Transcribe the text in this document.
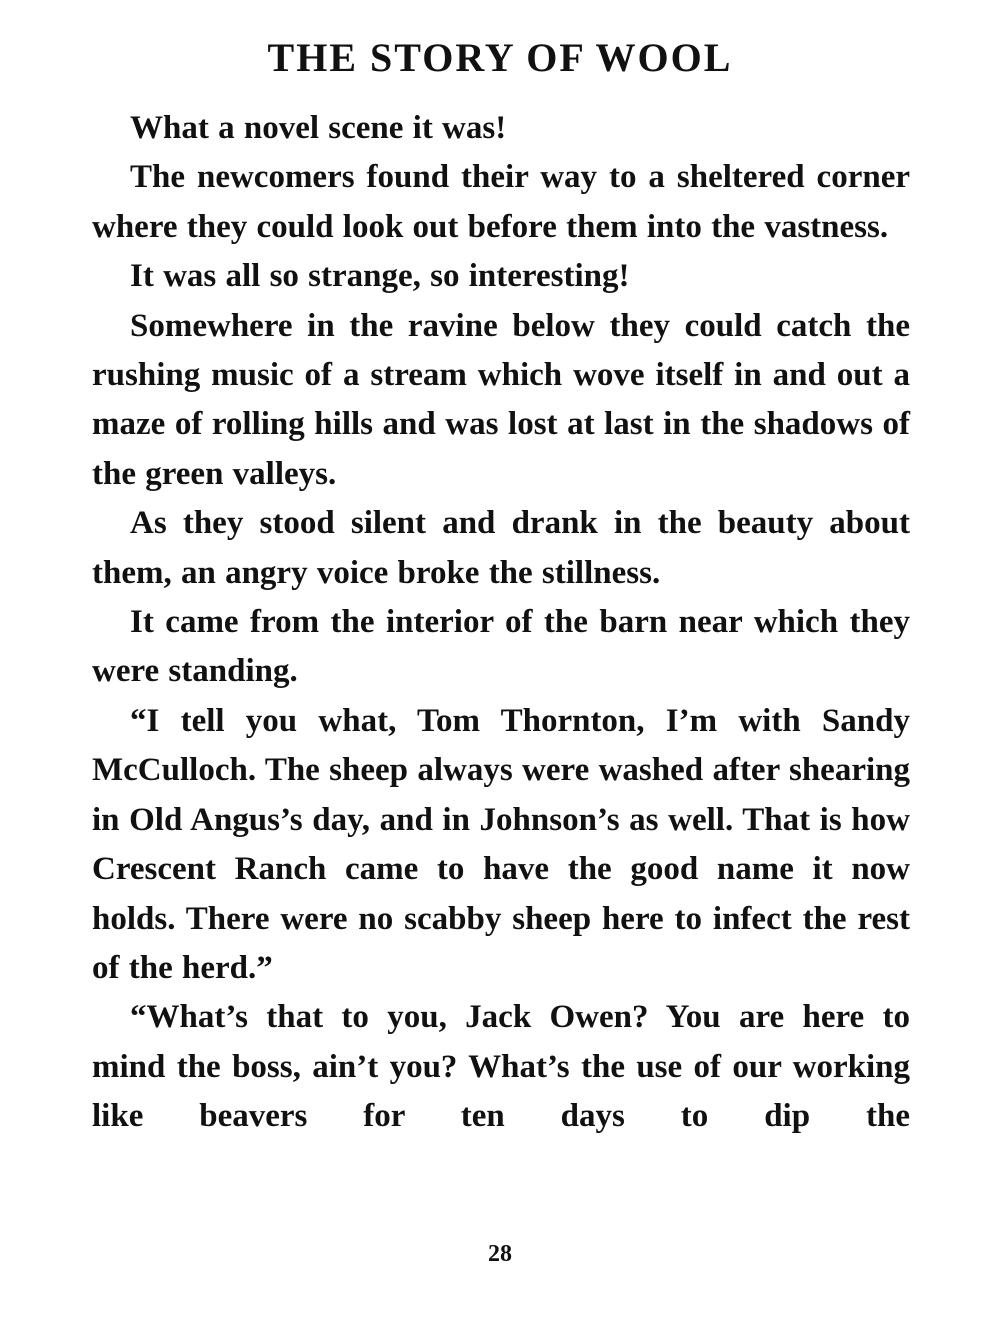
THE STORY OF WOOL

What a novel scene it was!

The newcomers found their way to a sheltered corner where they could look out before them into the vastness.

It was all so strange, so interesting!

Somewhere in the ravine below they could catch the rushing music of a stream which wove itself in and out a maze of rolling hills and was lost at last in the shadows of the green valleys.

As they stood silent and drank in the beauty about them, an angry voice broke the stillness.

It came from the interior of the barn near which they were standing.

“I tell you what, Tom Thornton, I’m with Sandy McCulloch. The sheep always were washed after shearing in Old Angus’s day, and in Johnson’s as well. That is how Crescent Ranch came to have the good name it now holds. There were no scabby sheep here to infect the rest of the herd.”

“What’s that to you, Jack Owen? You are here to mind the boss, ain’t you? What’s the use of our working like beavers for ten days to dip the

28
